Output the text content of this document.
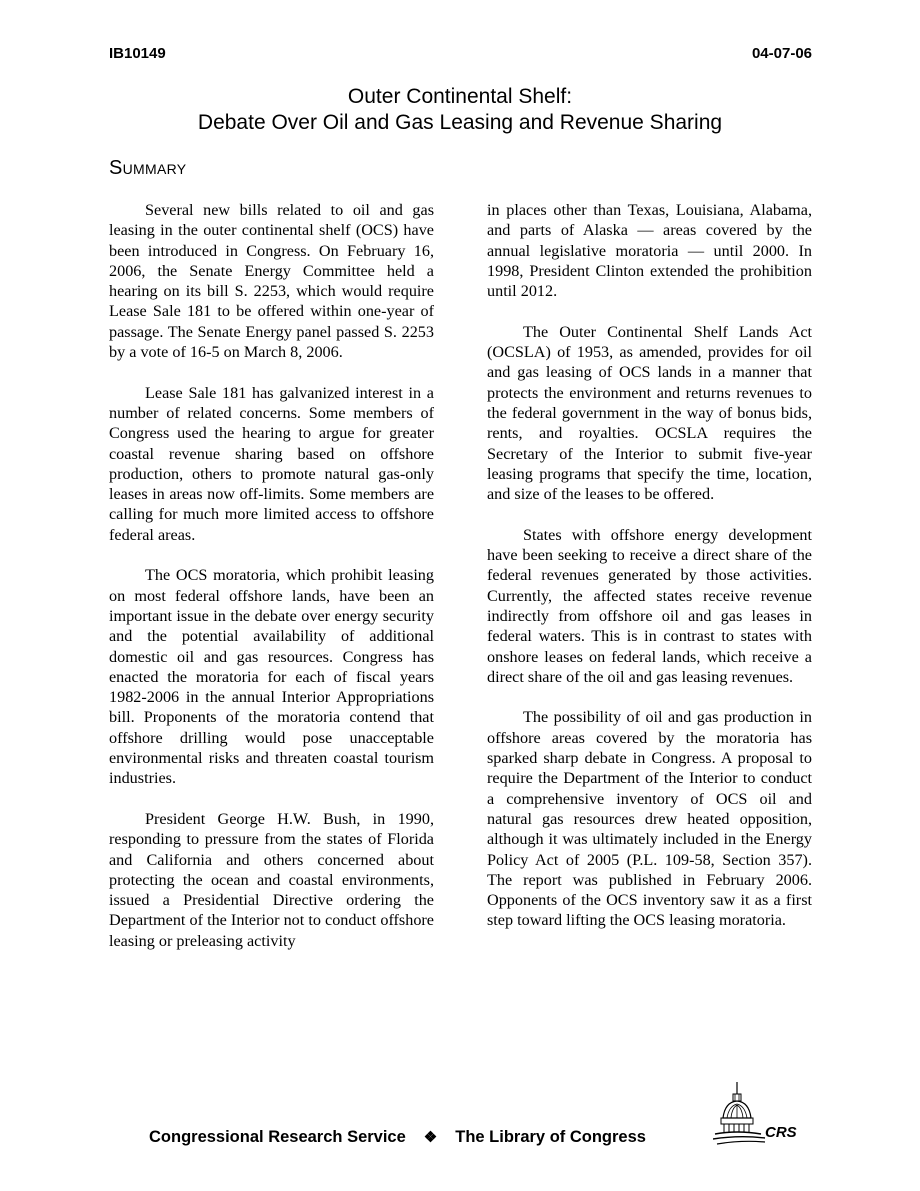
IB10149	04-07-06
Outer Continental Shelf:
Debate Over Oil and Gas Leasing and Revenue Sharing
Summary

Several new bills related to oil and gas leasing in the outer continental shelf (OCS) have been introduced in Congress. On February 16, 2006, the Senate Energy Committee held a hearing on its bill S. 2253, which would require Lease Sale 181 to be offered within one-year of passage. The Senate Energy panel passed S. 2253 by a vote of 16-5 on March 8, 2006.

Lease Sale 181 has galvanized interest in a number of related concerns. Some members of Congress used the hearing to argue for greater coastal revenue sharing based on offshore production, others to promote natural gas-only leases in areas now off-limits. Some members are calling for much more limited access to offshore federal areas.

The OCS moratoria, which prohibit leasing on most federal offshore lands, have been an important issue in the debate over energy security and the potential availability of additional domestic oil and gas resources. Congress has enacted the moratoria for each of fiscal years 1982-2006 in the annual Interior Appropriations bill. Proponents of the moratoria contend that offshore drilling would pose unacceptable environmental risks and threaten coastal tourism industries.

President George H.W. Bush, in 1990, responding to pressure from the states of Florida and California and others concerned about protecting the ocean and coastal environments, issued a Presidential Directive ordering the Department of the Interior not to conduct offshore leasing or preleasing activity

in places other than Texas, Louisiana, Alabama, and parts of Alaska — areas covered by the annual legislative moratoria — until 2000. In 1998, President Clinton extended the prohibition until 2012.

The Outer Continental Shelf Lands Act (OCSLA) of 1953, as amended, provides for oil and gas leasing of OCS lands in a manner that protects the environment and returns revenues to the federal government in the way of bonus bids, rents, and royalties. OCSLA requires the Secretary of the Interior to submit five-year leasing programs that specify the time, location, and size of the leases to be offered.

States with offshore energy development have been seeking to receive a direct share of the federal revenues generated by those activities. Currently, the affected states receive revenue indirectly from offshore oil and gas leases in federal waters. This is in contrast to states with onshore leases on federal lands, which receive a direct share of the oil and gas leasing revenues.

The possibility of oil and gas production in offshore areas covered by the moratoria has sparked sharp debate in Congress. A proposal to require the Department of the Interior to conduct a comprehensive inventory of OCS oil and natural gas resources drew heated opposition, although it was ultimately included in the Energy Policy Act of 2005 (P.L. 109-58, Section 357). The report was published in February 2006. Opponents of the OCS inventory saw it as a first step toward lifting the OCS leasing moratoria.

Congressional Research Service ❖ The Library of Congress	CRS
